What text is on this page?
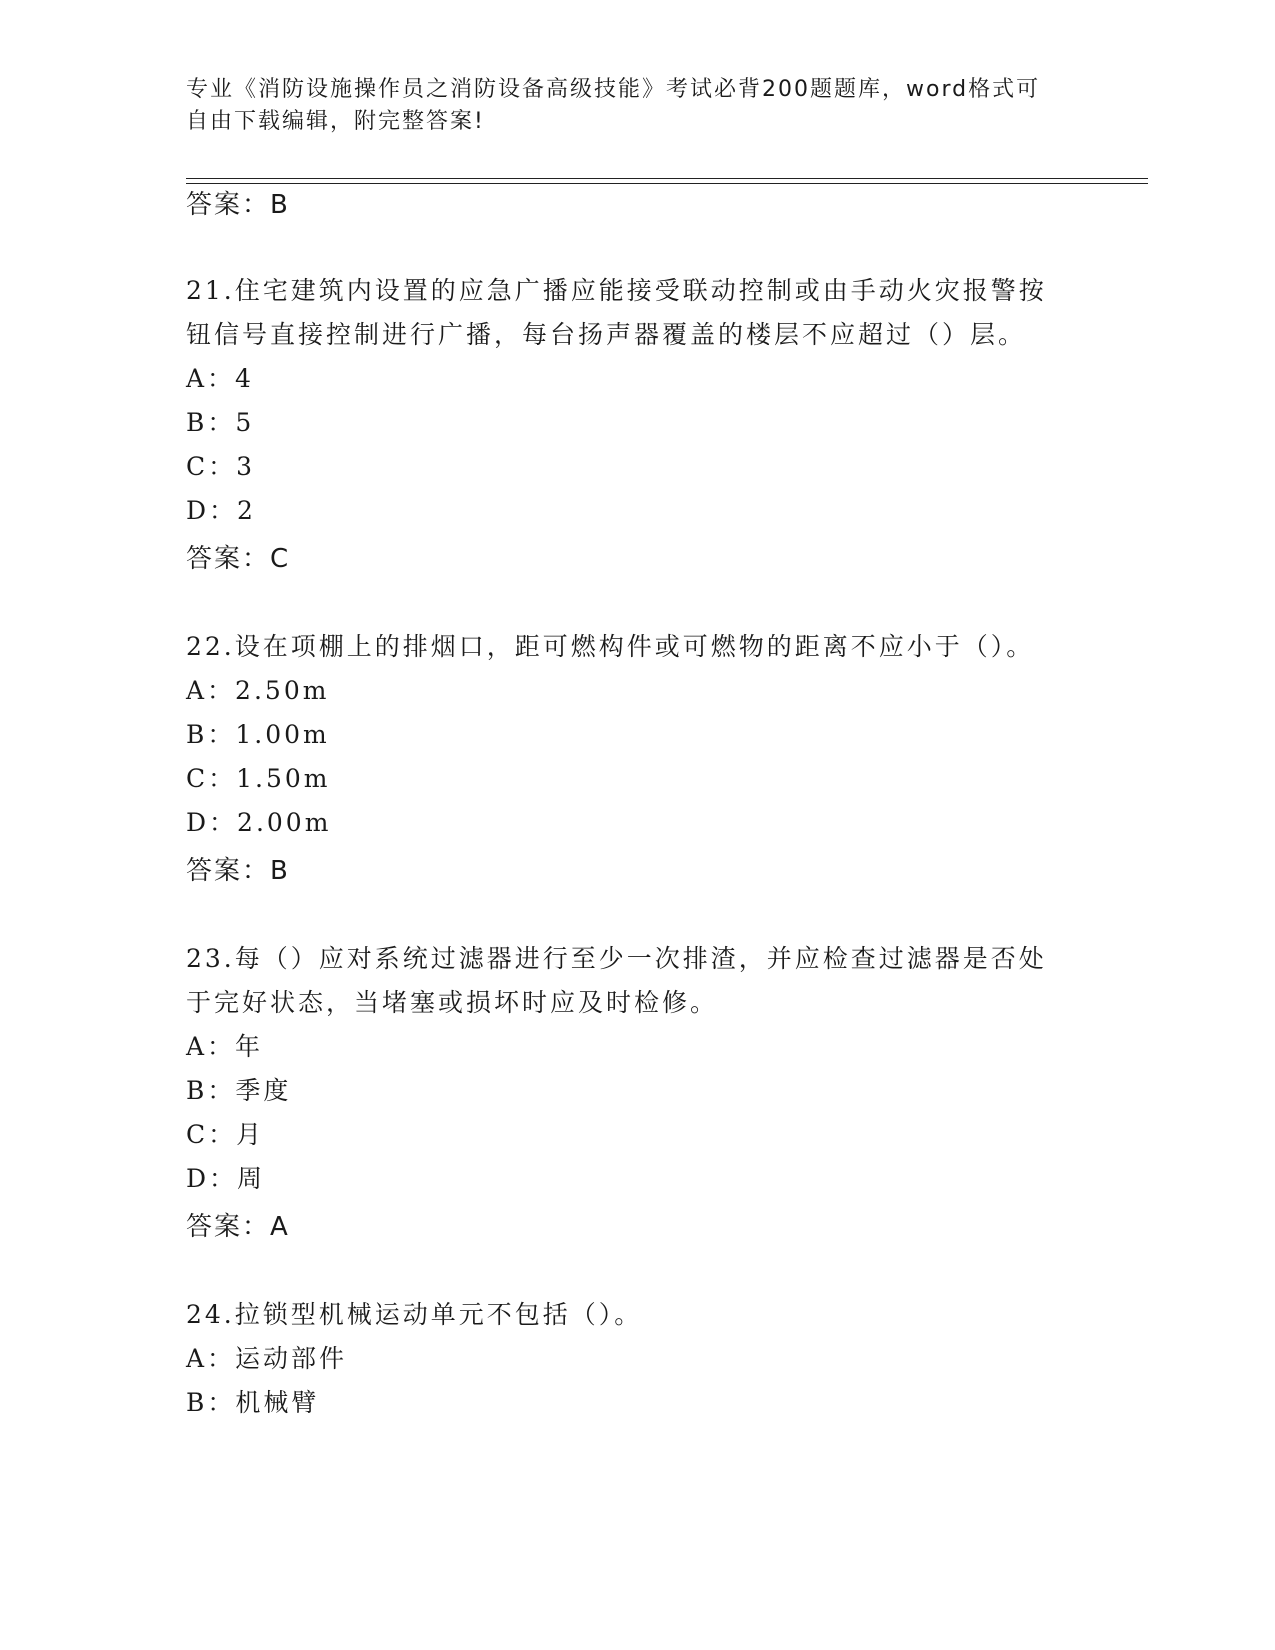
专业《消防设施操作员之消防设备高级技能》考试必背200题题库，word格式可
自由下载编辑，附完整答案!
答案：B
21.住宅建筑内设置的应急广播应能接受联动控制或由手动火灾报警按
钮信号直接控制进行广播，每台扬声器覆盖的楼层不应超过（）层。
A：4
B：5
C：3
D：2
答案：C
22.设在项棚上的排烟口，距可燃构件或可燃物的距离不应小于（）。
A：2.50m
B：1.00m
C：1.50m
D：2.00m
答案：B
23.每（）应对系统过滤器进行至少一次排渣，并应检查过滤器是否处
于完好状态，当堵塞或损坏时应及时检修。
A：年
B：季度
C：月
D：周
答案：A
24.拉锁型机械运动单元不包括（）。
A：运动部件
B：机械臂
